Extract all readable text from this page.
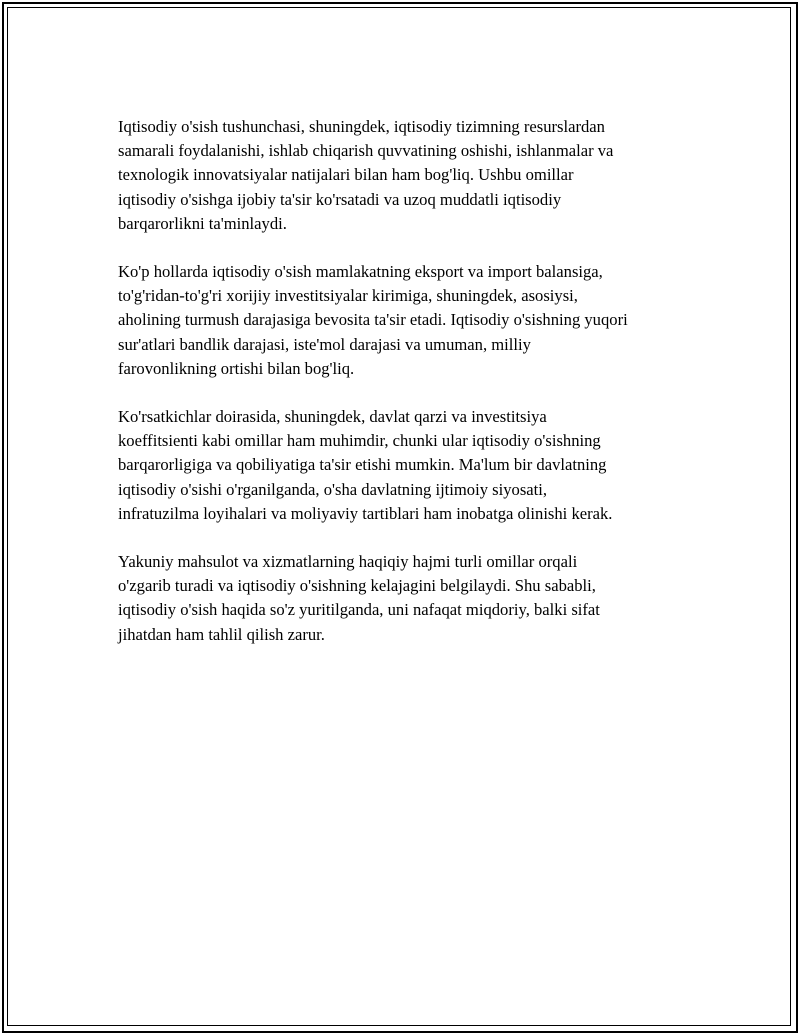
Iqtisodiy o'sish tushunchasi, shuningdek, iqtisodiy tizimning resurslardan
samarali foydalanishi, ishlab chiqarish quvvatining oshishi, ishlanmalar va
texnologik innovatsiyalar natijalari bilan ham bog'liq. Ushbu omillar
iqtisodiy o'sishga ijobiy ta'sir ko'rsatadi va uzoq muddatli iqtisodiy
barqarorlikni ta'minlaydi.

Ko'p hollarda iqtisodiy o'sish mamlakatning eksport va import balansiga,
to'g'ridan-to'g'ri xorijiy investitsiyalar kirimiga, shuningdek, asosiysi,
aholining turmush darajasiga bevosita ta'sir etadi. Iqtisodiy o'sishning yuqori
sur'atlari bandlik darajasi, iste'mol darajasi va umuman, milliy
farovonlikning ortishi bilan bog'liq.

Ko'rsatkichlar doirasida, shuningdek, davlat qarzi va investitsiya
koeffitsienti kabi omillar ham muhimdir, chunki ular iqtisodiy o'sishning
barqarorligiga va qobiliyatiga ta'sir etishi mumkin. Ma'lum bir davlatning
iqtisodiy o'sishi o'rganilganda, o'sha davlatning ijtimoiy siyosati,
infratuzilma loyihalari va moliyaviy tartiblari ham inobatga olinishi kerak.

Yakuniy mahsulot va xizmatlarning haqiqiy hajmi turli omillar orqali
o'zgarib turadi va iqtisodiy o'sishning kelajagini belgilaydi. Shu sababli,
iqtisodiy o'sish haqida so'z yuritilganda, uni nafaqat miqdoriy, balki sifat
jihatdan ham tahlil qilish zarur.
